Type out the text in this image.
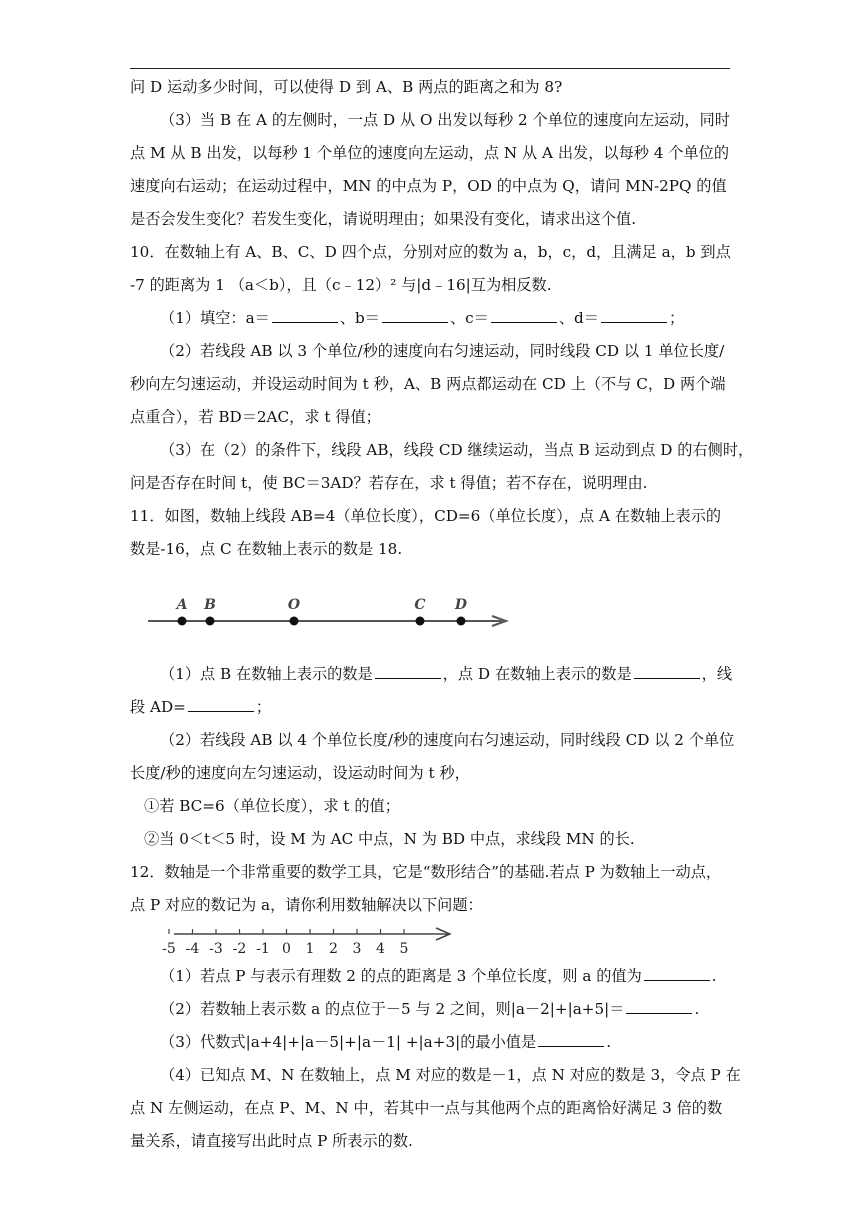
问 D 运动多少时间，可以使得 D 到 A、B 两点的距离之和为 8?
（3）当 B 在 A 的左侧时，一点 D 从 O 出发以每秒 2 个单位的速度向左运动，同时
点 M 从 B 出发，以每秒 1 个单位的速度向左运动，点 N 从 A 出发，以每秒 4 个单位的
速度向右运动；在运动过程中，MN 的中点为 P，OD 的中点为 Q，请问 MN-2PQ 的值
是否会发生变化？若发生变化，请说明理由；如果没有变化，请求出这个值.
10．在数轴上有 A、B、C、D 四个点，分别对应的数为 a，b，c，d，且满足 a，b 到点
-7 的距离为 1 （a＜b），且（c﹣12）² 与|d﹣16|互为相反数.
（1）填空：a＝	、b＝	、c＝	、d＝	；
（2）若线段 AB 以 3 个单位/秒的速度向右匀速运动，同时线段 CD 以 1 单位长度/
秒向左匀速运动，并设运动时间为 t 秒，A、B 两点都运动在 CD 上（不与 C，D 两个端
点重合），若 BD＝2AC，求 t 得值；
（3）在（2）的条件下，线段 AB，线段 CD 继续运动，当点 B 运动到点 D 的右侧时，
问是否存在时间 t，使 BC＝3AD？若存在，求 t 得值；若不存在，说明理由.
11．如图，数轴上线段 AB=4（单位长度），CD=6（单位长度），点 A 在数轴上表示的
数是-16，点 C 在数轴上表示的数是 18.
A B	O	C D
（1）点 B 在数轴上表示的数是	，点 D 在数轴上表示的数是	，线
段 AD=	；
（2）若线段 AB 以 4 个单位长度/秒的速度向右匀速运动，同时线段 CD 以 2 个单位
长度/秒的速度向左匀速运动，设运动时间为 t 秒，
①若 BC=6（单位长度），求 t 的值；
②当 0＜t＜5 时，设 M 为 AC 中点，N 为 BD 中点，求线段 MN 的长.
12．数轴是一个非常重要的数学工具，它是“数形结合”的基础.若点 P 为数轴上一动点，
点 P 对应的数记为 a，请你利用数轴解决以下问题：
-5 -4 -3 -2 -1 0 1 2 3 4 5
（1）若点 P 与表示有理数 2 的点的距离是 3 个单位长度，则 a 的值为	.
（2）若数轴上表示数 a 的点位于－5 与 2 之间，则|a－2|+|a+5|＝	.
（3）代数式|a+4|+|a－5|+|a－1| +|a+3|的最小值是	.
（4）已知点 M、N 在数轴上，点 M 对应的数是－1，点 N 对应的数是 3，令点 P 在
点 N 左侧运动，在点 P、M、N 中，若其中一点与其他两个点的距离恰好满足 3 倍的数
量关系，请直接写出此时点 P 所表示的数.
